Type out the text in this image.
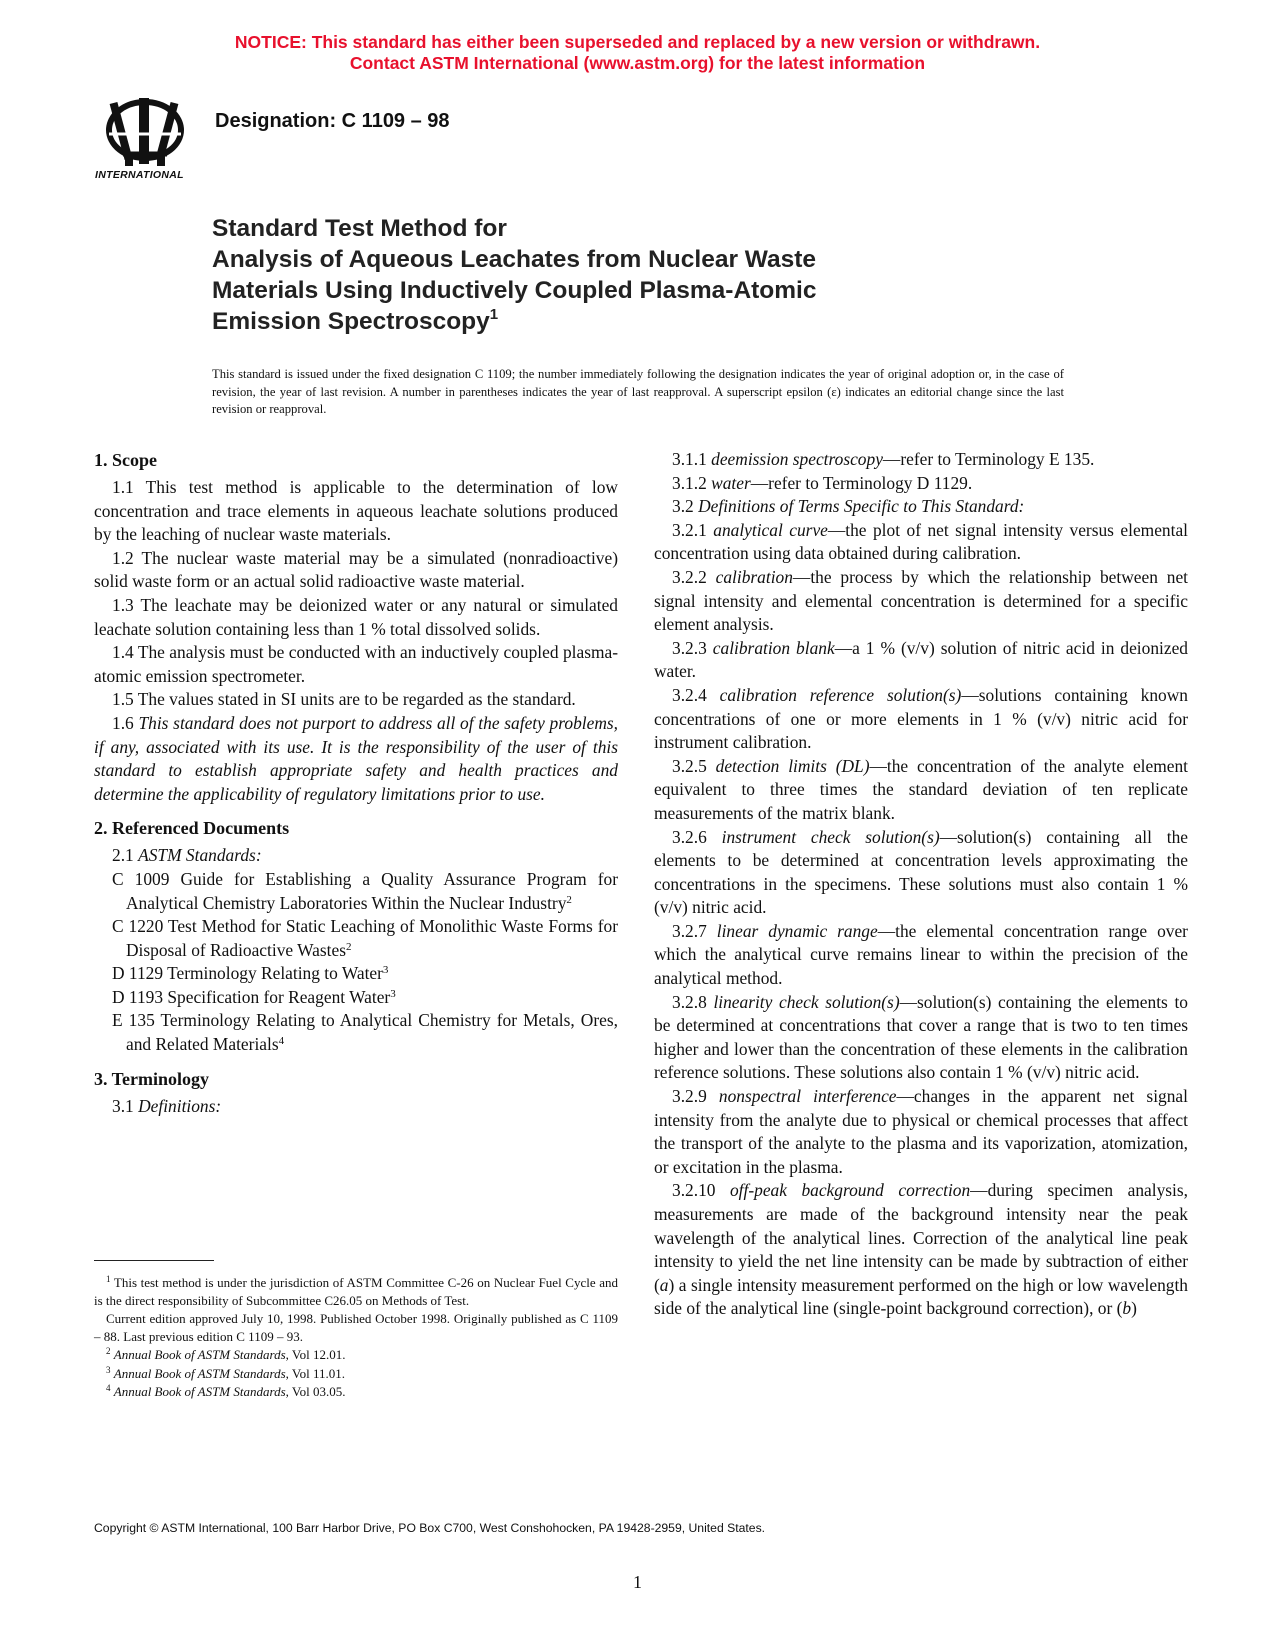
NOTICE: This standard has either been superseded and replaced by a new version or withdrawn.
Contact ASTM International (www.astm.org) for the latest information
INTERNATIONAL
Designation: C 1109 – 98
Standard Test Method for
Analysis of Aqueous Leachates from Nuclear Waste
Materials Using Inductively Coupled Plasma-Atomic
Emission Spectroscopy$^1$
This standard is issued under the fixed designation C 1109; the number immediately following the designation indicates the year of original adoption or, in the case of revision, the year of last revision. A number in parentheses indicates the year of last reapproval. A superscript epsilon (ε) indicates an editorial change since the last revision or reapproval.

1. Scope

1.1 This test method is applicable to the determination of low concentration and trace elements in aqueous leachate solutions produced by the leaching of nuclear waste materials.

1.2 The nuclear waste material may be a simulated (nonradioactive) solid waste form or an actual solid radioactive waste material.

1.3 The leachate may be deionized water or any natural or simulated leachate solution containing less than 1 % total dissolved solids.

1.4 The analysis must be conducted with an inductively coupled plasma-atomic emission spectrometer.

1.5 The values stated in SI units are to be regarded as the standard.

1.6 This standard does not purport to address all of the safety problems, if any, associated with its use. It is the responsibility of the user of this standard to establish appropriate safety and health practices and determine the applicability of regulatory limitations prior to use.

2. Referenced Documents

2.1 ASTM Standards:

C 1009 Guide for Establishing a Quality Assurance Program for Analytical Chemistry Laboratories Within the Nuclear Industry$^2$

C 1220 Test Method for Static Leaching of Monolithic Waste Forms for Disposal of Radioactive Wastes$^2$

D 1129 Terminology Relating to Water$^3$

D 1193 Specification for Reagent Water$^3$

E 135 Terminology Relating to Analytical Chemistry for Metals, Ores, and Related Materials$^4$

3. Terminology

3.1 Definitions:

$^1$ This test method is under the jurisdiction of ASTM Committee C-26 on Nuclear Fuel Cycle and is the direct responsibility of Subcommittee C26.05 on Methods of Test.

Current edition approved July 10, 1998. Published October 1998. Originally published as C 1109 – 88. Last previous edition C 1109 – 93.

$^2$ Annual Book of ASTM Standards, Vol 12.01.

$^3$ Annual Book of ASTM Standards, Vol 11.01.

$^4$ Annual Book of ASTM Standards, Vol 03.05.

3.1.1 deemission spectroscopy—refer to Terminology E 135.

3.1.2 water—refer to Terminology D 1129.

3.2 Definitions of Terms Specific to This Standard:

3.2.1 analytical curve—the plot of net signal intensity versus elemental concentration using data obtained during calibration.

3.2.2 calibration—the process by which the relationship between net signal intensity and elemental concentration is determined for a specific element analysis.

3.2.3 calibration blank—a 1 % (v/v) solution of nitric acid in deionized water.

3.2.4 calibration reference solution(s)—solutions containing known concentrations of one or more elements in 1 % (v/v) nitric acid for instrument calibration.

3.2.5 detection limits (DL)—the concentration of the analyte element equivalent to three times the standard deviation of ten replicate measurements of the matrix blank.

3.2.6 instrument check solution(s)—solution(s) containing all the elements to be determined at concentration levels approximating the concentrations in the specimens. These solutions must also contain 1 % (v/v) nitric acid.

3.2.7 linear dynamic range—the elemental concentration range over which the analytical curve remains linear to within the precision of the analytical method.

3.2.8 linearity check solution(s)—solution(s) containing the elements to be determined at concentrations that cover a range that is two to ten times higher and lower than the concentration of these elements in the calibration reference solutions. These solutions also contain 1 % (v/v) nitric acid.

3.2.9 nonspectral interference—changes in the apparent net signal intensity from the analyte due to physical or chemical processes that affect the transport of the analyte to the plasma and its vaporization, atomization, or excitation in the plasma.

3.2.10 off-peak background correction—during specimen analysis, measurements are made of the background intensity near the peak wavelength of the analytical lines. Correction of the analytical line peak intensity to yield the net line intensity can be made by subtraction of either (a) a single intensity measurement performed on the high or low wavelength side of the analytical line (single-point background correction), or (b)

Copyright © ASTM International, 100 Barr Harbor Drive, PO Box C700, West Conshohocken, PA 19428-2959, United States.
1
